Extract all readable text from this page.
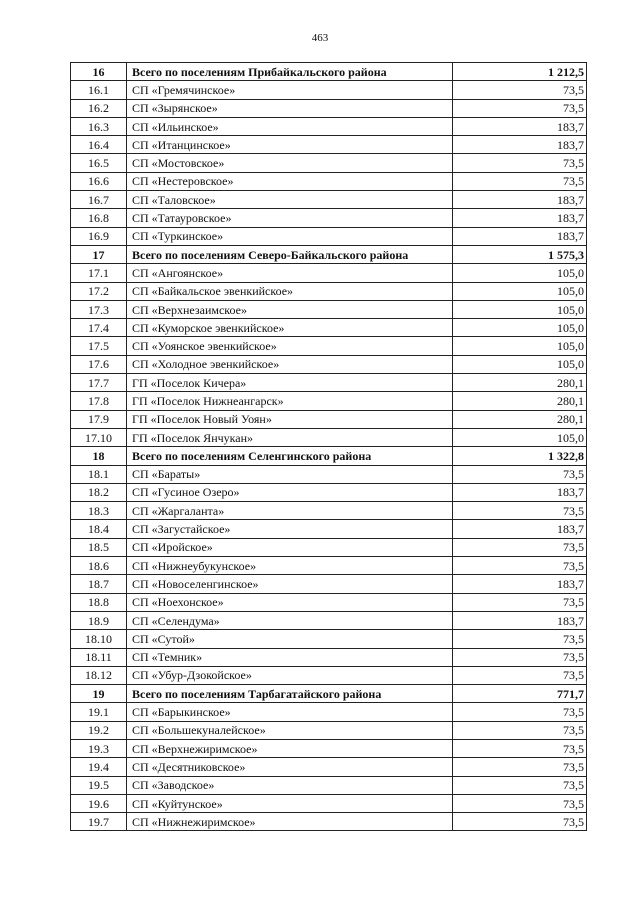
463
16	Всего по поселениям Прибайкальского района	1 212,5
16.1	СП «Гремячинское»	73,5
16.2	СП «Зырянское»	73,5
16.3	СП «Ильинское»	183,7
16.4	СП «Итанцинское»	183,7
16.5	СП «Мостовское»	73,5
16.6	СП «Нестеровское»	73,5
16.7	СП «Таловское»	183,7
16.8	СП «Татауровское»	183,7
16.9	СП «Туркинское»	183,7
17	Всего по поселениям Северо-Байкальского района	1 575,3
17.1	СП «Ангоянское»	105,0
17.2	СП «Байкальское эвенкийское»	105,0
17.3	СП «Верхнезаимское»	105,0
17.4	СП «Куморское эвенкийское»	105,0
17.5	СП «Уоянское эвенкийское»	105,0
17.6	СП «Холодное эвенкийское»	105,0
17.7	ГП «Поселок Кичера»	280,1
17.8	ГП «Поселок Нижнеангарск»	280,1
17.9	ГП «Поселок Новый Уоян»	280,1
17.10	ГП «Поселок Янчукан»	105,0
18	Всего по поселениям Селенгинского района	1 322,8
18.1	СП «Бараты»	73,5
18.2	СП «Гусиное Озеро»	183,7
18.3	СП «Жаргаланта»	73,5
18.4	СП «Загустайское»	183,7
18.5	СП «Иройское»	73,5
18.6	СП «Нижнеубукунское»	73,5
18.7	СП «Новоселенгинское»	183,7
18.8	СП «Ноехонское»	73,5
18.9	СП «Селендума»	183,7
18.10	СП «Сутой»	73,5
18.11	СП «Темник»	73,5
18.12	СП «Убур-Дзокойское»	73,5
19	Всего по поселениям Тарбагатайского района	771,7
19.1	СП «Барыкинское»	73,5
19.2	СП «Большекуналейское»	73,5
19.3	СП «Верхнежиримское»	73,5
19.4	СП «Десятниковское»	73,5
19.5	СП «Заводское»	73,5
19.6	СП «Куйтунское»	73,5
19.7	СП «Нижнежиримское»	73,5
